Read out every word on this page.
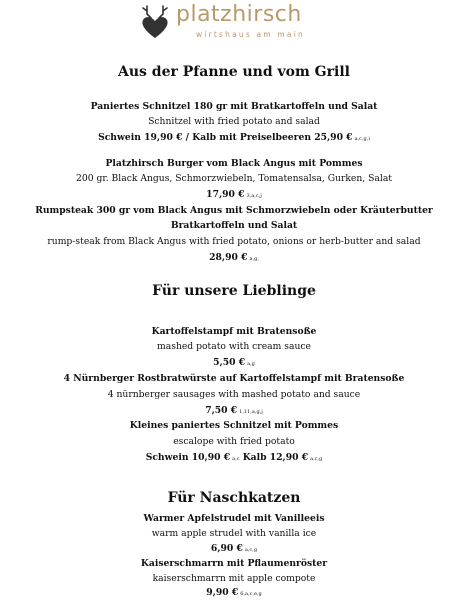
platzhirsch
wirtshaus am main
Aus der Pfanne und vom Grill
Paniertes Schnitzel 180 gr mit Bratkartoffeln und Salat
Schnitzel with fried potato and salad
Schwein 19,90 € / Kalb mit Preiselbeeren 25,90 € a,c,g,i
Platzhirsch Burger vom Black Angus mit Pommes
200 gr. Black Angus, Schmorzwiebeln, Tomatensalsa, Gurken, Salat
17,90 € 3,a,c,j
Rumpsteak 300 gr vom Black Angus mit Schmorzwiebeln oder Kräuterbutter
Bratkartoffeln und Salat
rump-steak from Black Angus with fried potato, onions or herb-butter and salad
28,90 € a,g,
Für unsere Lieblinge
Kartoffelstampf mit Bratensoße
mashed potato with cream sauce
5,50 € a,g
4 Nürnberger Rostbratwürste auf Kartoffelstampf mit Bratensoße
4 nürnberger sausages with mashed potato and sauce
7,50 € 1,11,a,g,j
Kleines paniertes Schnitzel mit Pommes
escalope with fried potato
Schwein 10,90 € a,c Kalb 12,90 € a,c,g
Für Naschkatzen
Warmer Apfelstrudel mit Vanilleeis
warm apple strudel with vanilla ice
6,90 € a,c,g
Kaiserschmarrn mit Pflaumenröster
kaiserschmarrn mit apple compote
9,90 € 6,a,c,e,g
